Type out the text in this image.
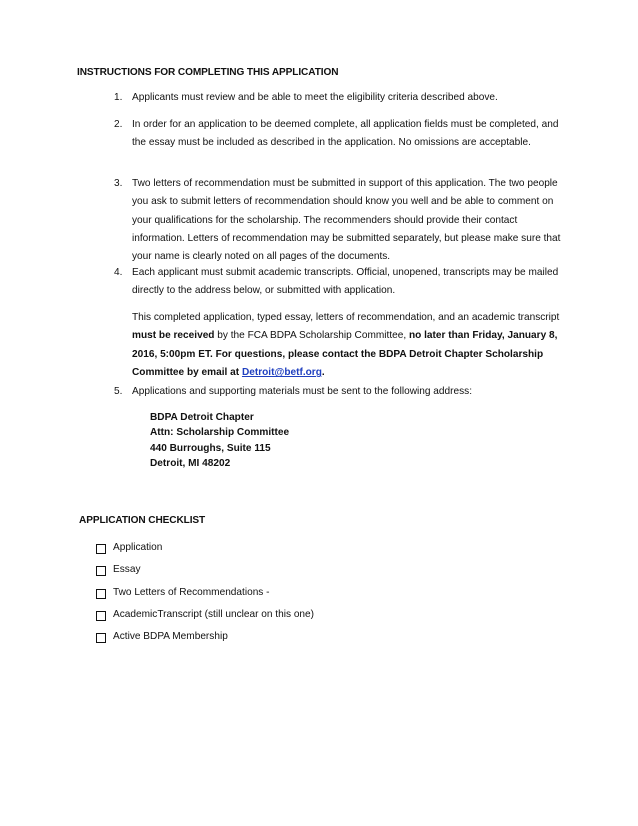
INSTRUCTIONS FOR COMPLETING THIS APPLICATION
1. Applicants must review and be able to meet the eligibility criteria described above.
2. In order for an application to be deemed complete, all application fields must be completed, and the essay must be included as described in the application. No omissions are acceptable.
3. Two letters of recommendation must be submitted in support of this application. The two people you ask to submit letters of recommendation should know you well and be able to comment on your qualifications for the scholarship. The recommenders should provide their contact information. Letters of recommendation may be submitted separately, but please make sure that your name is clearly noted on all pages of the documents.
4. Each applicant must submit academic transcripts. Official, unopened, transcripts may be mailed directly to the address below, or submitted with application.
This completed application, typed essay, letters of recommendation, and an academic transcript must be received by the FCA BDPA Scholarship Committee, no later than Friday, January 8, 2016, 5:00pm ET. For questions, please contact the BDPA Detroit Chapter Scholarship Committee by email at Detroit@betf.org.
5. Applications and supporting materials must be sent to the following address:
BDPA Detroit Chapter
Attn: Scholarship Committee
440 Burroughs, Suite 115
Detroit, MI 48202
APPLICATION CHECKLIST
Application
Essay
Two Letters of Recommendations -
AcademicTranscript (still unclear on this one)
Active BDPA Membership
